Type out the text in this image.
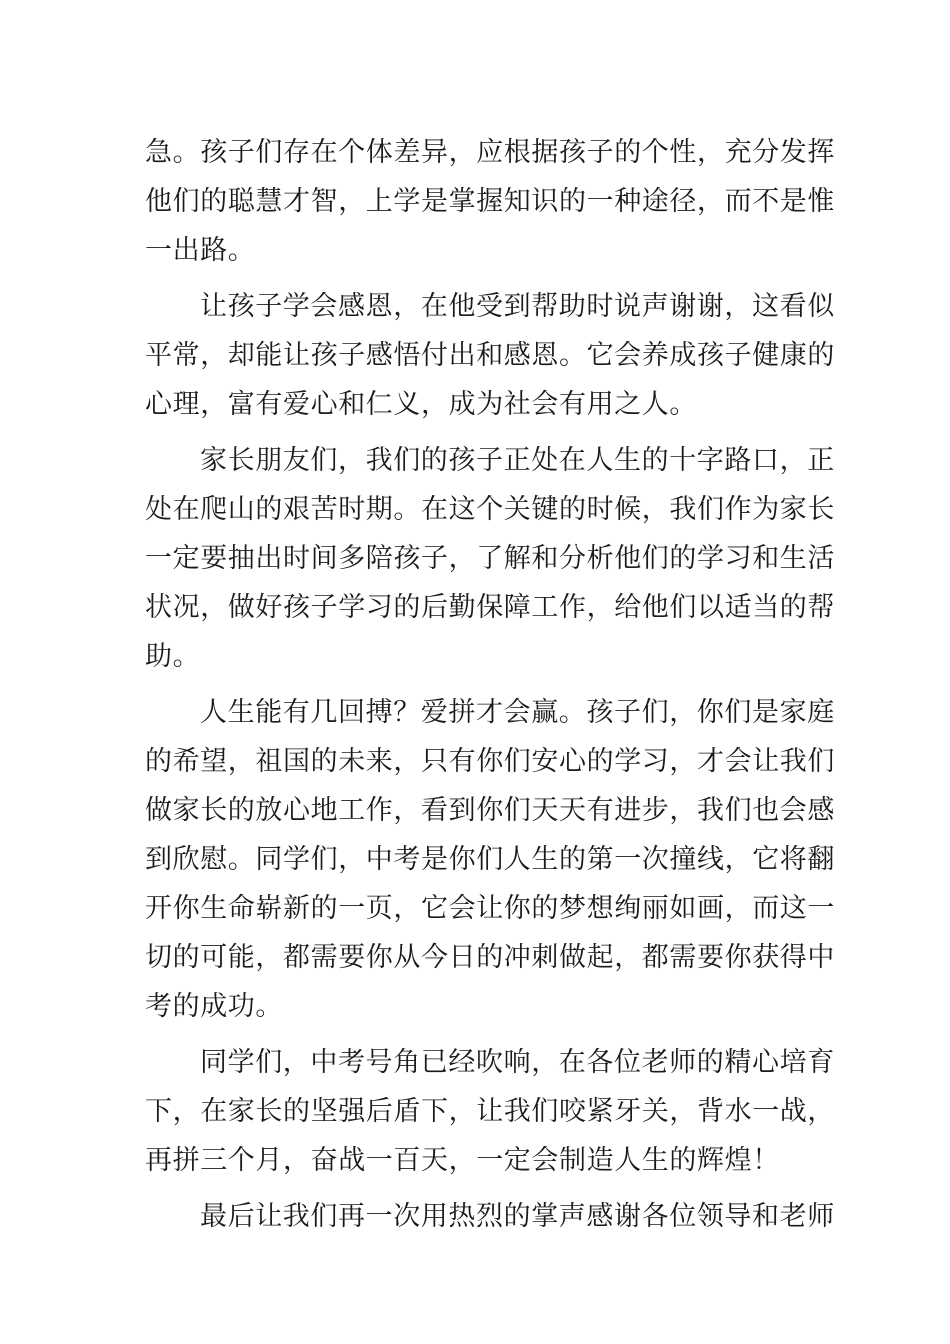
急。孩子们存在个体差异，应根据孩子的个性，充分发挥
他们的聪慧才智，上学是掌握知识的一种途径，而不是惟
一出路。
让孩子学会感恩，在他受到帮助时说声谢谢，这看似
平常，却能让孩子感悟付出和感恩。它会养成孩子健康的
心理，富有爱心和仁义，成为社会有用之人。
家长朋友们，我们的孩子正处在人生的十字路口，正
处在爬山的艰苦时期。在这个关键的时候，我们作为家长
一定要抽出时间多陪孩子，了解和分析他们的学习和生活
状况，做好孩子学习的后勤保障工作，给他们以适当的帮
助。
人生能有几回搏？爱拼才会赢。孩子们，你们是家庭
的希望，祖国的未来，只有你们安心的学习，才会让我们
做家长的放心地工作，看到你们天天有进步，我们也会感
到欣慰。同学们，中考是你们人生的第一次撞线，它将翻
开你生命崭新的一页，它会让你的梦想绚丽如画，而这一
切的可能，都需要你从今日的冲刺做起，都需要你获得中
考的成功。
同学们，中考号角已经吹响，在各位老师的精心培育
下，在家长的坚强后盾下，让我们咬紧牙关，背水一战，
再拼三个月，奋战一百天，一定会制造人生的辉煌！
最后让我们再一次用热烈的掌声感谢各位领导和老师
